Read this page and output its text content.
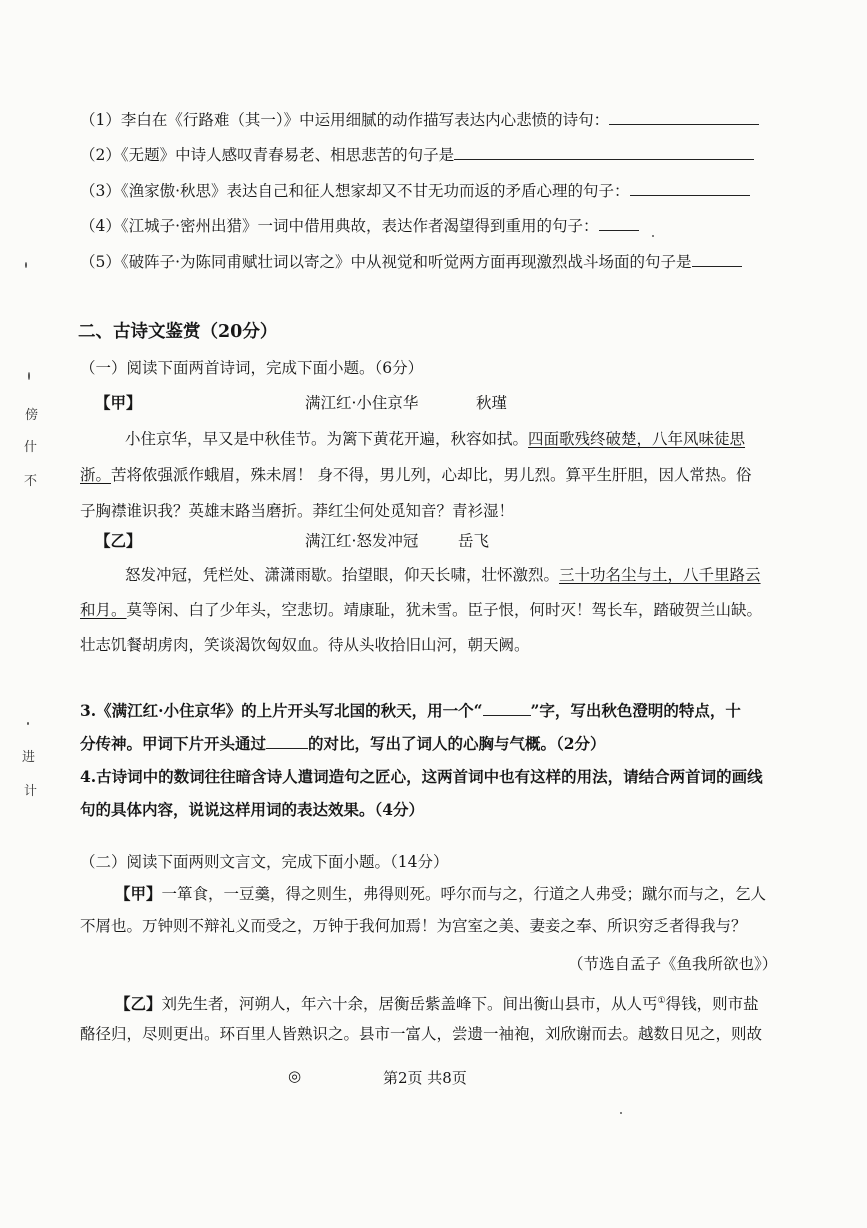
（1）李白在《行路难（其一）》中运用细腻的动作描写表达内心悲愤的诗句：
（2）《无题》中诗人感叹青春易老、相思悲苦的句子是
（3）《渔家傲·秋思》表达自己和征人想家却又不甘无功而返的矛盾心理的句子：
（4）《江城子·密州出猎》一词中借用典故，表达作者渴望得到重用的句子：
（5）《破阵子·为陈同甫赋壮词以寄之》中从视觉和听觉两方面再现激烈战斗场面的句子是
二、古诗文鉴赏（20分）
（一）阅读下面两首诗词，完成下面小题。（6分）
【甲】	满江红·小住京华	秋瑾
小住京华，早又是中秋佳节。为篱下黄花开遍，秋容如拭。四面歌残终破楚，八年风味徒思
浙。苦将侬强派作蛾眉，殊未屑！ 身不得，男儿列，心却比，男儿烈。算平生肝胆，因人常热。俗
子胸襟谁识我？英雄末路当磨折。莽红尘何处觅知音？青衫湿！
【乙】	满江红·怒发冲冠	岳飞
怒发冲冠，凭栏处、潇潇雨歇。抬望眼，仰天长啸，壮怀激烈。三十功名尘与土，八千里路云
和月。莫等闲、白了少年头，空悲切。靖康耻，犹未雪。臣子恨，何时灭！驾长车，踏破贺兰山缺。
壮志饥餐胡虏肉，笑谈渴饮匈奴血。待从头收拾旧山河，朝天阙。
3.《满江红·小住京华》的上片开头写北国的秋天，用一个“	”字，写出秋色澄明的特点，十
分传神。甲词下片开头通过	的对比，写出了词人的心胸与气概。（2分）
4.古诗词中的数词往往暗含诗人遣词造句之匠心，这两首词中也有这样的用法，请结合两首词的画线
句的具体内容，说说这样用词的表达效果。（4分）
（二）阅读下面两则文言文，完成下面小题。（14分）
【甲】一箪食，一豆羹，得之则生，弗得则死。呼尔而与之，行道之人弗受；蹴尔而与之，乞人
不屑也。万钟则不辩礼义而受之，万钟于我何加焉！为宫室之美、妻妾之奉、所识穷乏者得我与？
（节选自孟子《鱼我所欲也》）
【乙】刘先生者，河朔人，年六十余，居衡岳紫盖峰下。间出衡山县市，从人丐①得钱，则市盐
酪径归，尽则更出。环百里人皆熟识之。县市一富人，尝遗一袖袍，刘欣谢而去。越数日见之，则故
◎	第2页 共8页
傍
什
不
进
计
